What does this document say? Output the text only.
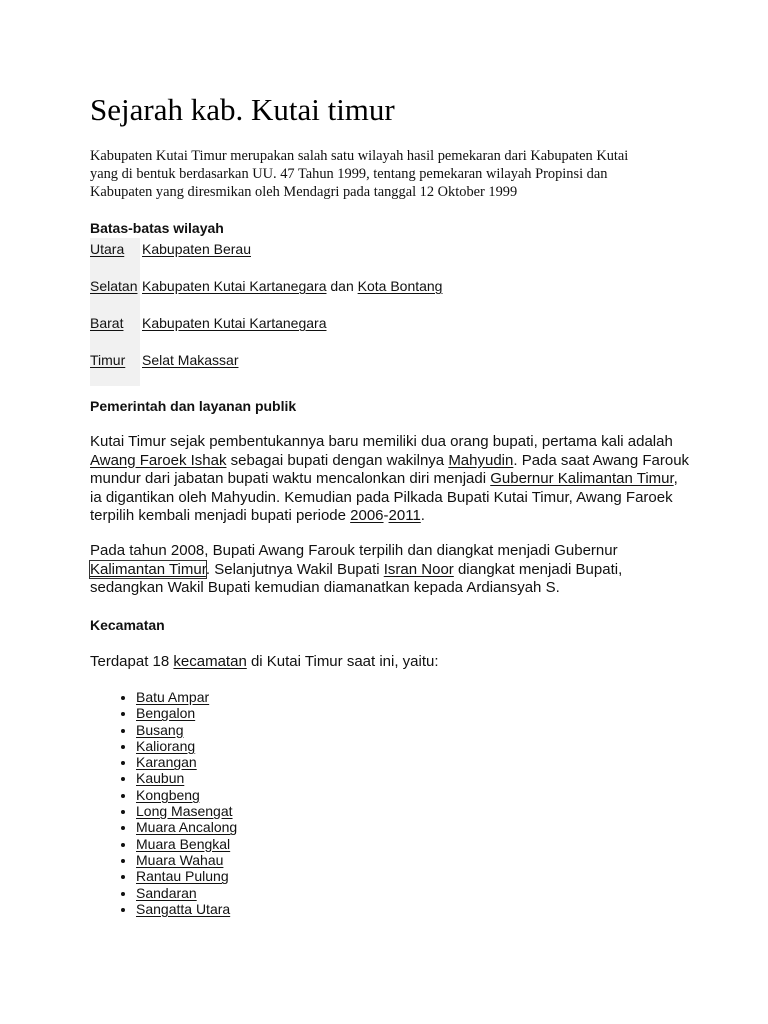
Sejarah kab. Kutai timur

Kabupaten Kutai Timur merupakan salah satu wilayah hasil pemekaran dari Kabupaten Kutai
yang di bentuk berdasarkan UU. 47 Tahun 1999, tentang pemekaran wilayah Propinsi dan
Kabupaten yang diresmikan oleh Mendagri pada tanggal 12 Oktober 1999

Batas-batas wilayah
Utara	Kabupaten Berau
Selatan	Kabupaten Kutai Kartanegara dan Kota Bontang
Barat	Kabupaten Kutai Kartanegara
Timur	Selat Makassar
Pemerintah dan layanan publik

Kutai Timur sejak pembentukannya baru memiliki dua orang bupati, pertama kali adalah Awang Faroek Ishak sebagai bupati dengan wakilnya Mahyudin. Pada saat Awang Farouk mundur dari jabatan bupati waktu mencalonkan diri menjadi Gubernur Kalimantan Timur, ia digantikan oleh Mahyudin. Kemudian pada Pilkada Bupati Kutai Timur, Awang Faroek terpilih kembali menjadi bupati periode 2006-2011.

Pada tahun 2008, Bupati Awang Farouk terpilih dan diangkat menjadi Gubernur Kalimantan Timur. Selanjutnya Wakil Bupati Isran Noor diangkat menjadi Bupati, sedangkan Wakil Bupati kemudian diamanatkan kepada Ardiansyah S.

Kecamatan

Terdapat 18 kecamatan di Kutai Timur saat ini, yaitu:

• Batu Ampar
• Bengalon
• Busang
• Kaliorang
• Karangan
• Kaubun
• Kongbeng
• Long Masengat
• Muara Ancalong
• Muara Bengkal
• Muara Wahau
• Rantau Pulung
• Sandaran
• Sangatta Utara
